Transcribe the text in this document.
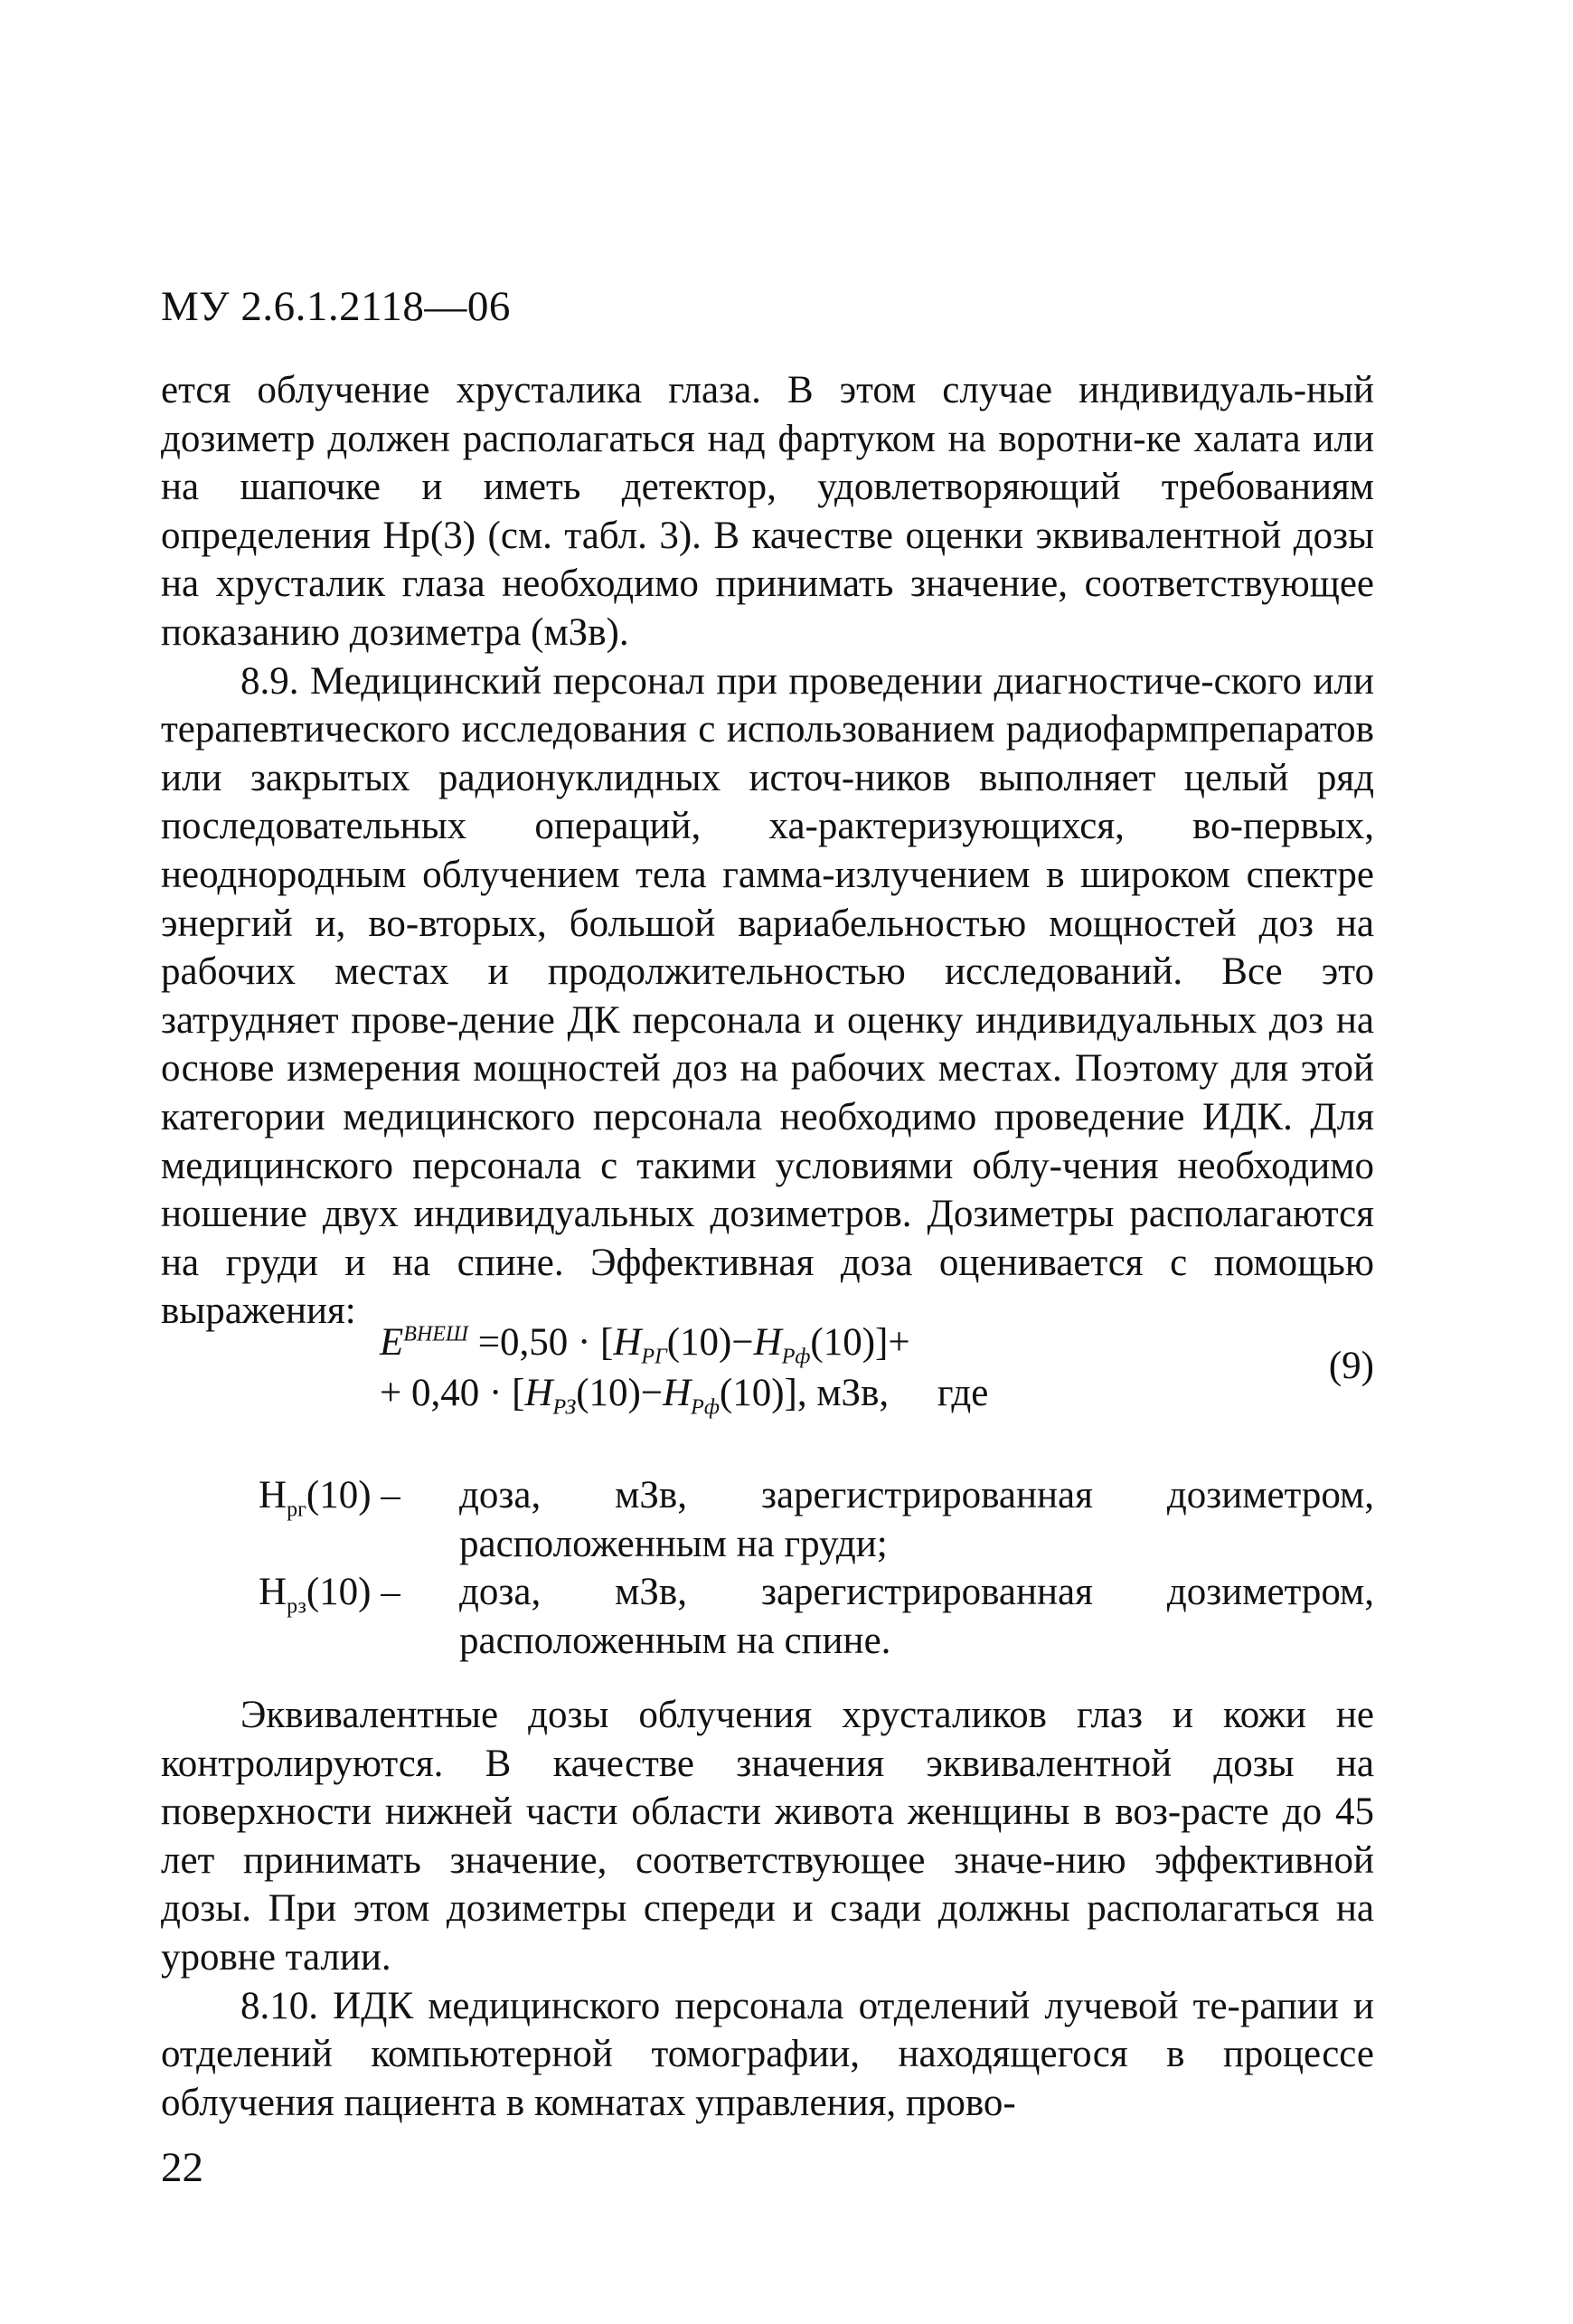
МУ 2.6.1.2118—06

ется облучение хрусталика глаза. В этом случае индивидуаль-ный дозиметр должен располагаться над фартуком на воротни-ке халата или на шапочке и иметь детектор, удовлетворяющий требованиям определения Hp(3) (см. табл. 3). В качестве оценки эквивалентной дозы на хрусталик глаза необходимо принимать значение, соответствующее показанию дозиметра (мЗв).

8.9. Медицинский персонал при проведении диагностиче-ского или терапевтического исследования с использованием радиофармпрепаратов или закрытых радионуклидных источ-ников выполняет целый ряд последовательных операций, ха-рактеризующихся, во-первых, неоднородным облучением тела гамма-излучением в широком спектре энергий и, во-вторых, большой вариабельностью мощностей доз на рабочих местах и продолжительностью исследований. Все это затрудняет прове-дение ДК персонала и оценку индивидуальных доз на основе измерения мощностей доз на рабочих местах. Поэтому для этой категории медицинского персонала необходимо проведение ИДК. Для медицинского персонала с такими условиями облу-чения необходимо ношение двух индивидуальных дозиметров. Дозиметры располагаются на груди и на спине. Эффективная доза оценивается с помощью выражения:

$E^{ВНЕШ} =0,50 \cdot [H_{РГ}(10)-H_{Рф}(10)]+$
+ $0,40 \cdot [H_{РЗ}(10)-H_{Рф}(10)]$, мЗв, где
(9)
$H_{рг}(10)$ –	доза, мЗв, зарегистрированная дозиметром, расположенным на груди;
$H_{рз}(10)$ –	доза, мЗв, зарегистрированная дозиметром, расположенным на спине.

Эквивалентные дозы облучения хрусталиков глаз и кожи не контролируются. В качестве значения эквивалентной дозы на поверхности нижней части области живота женщины в воз-расте до 45 лет принимать значение, соответствующее значе-нию эффективной дозы. При этом дозиметры спереди и сзади должны располагаться на уровне талии.

8.10. ИДК медицинского персонала отделений лучевой те-рапии и отделений компьютерной томографии, находящегося в процессе облучения пациента в комнатах управления, прово-

22
